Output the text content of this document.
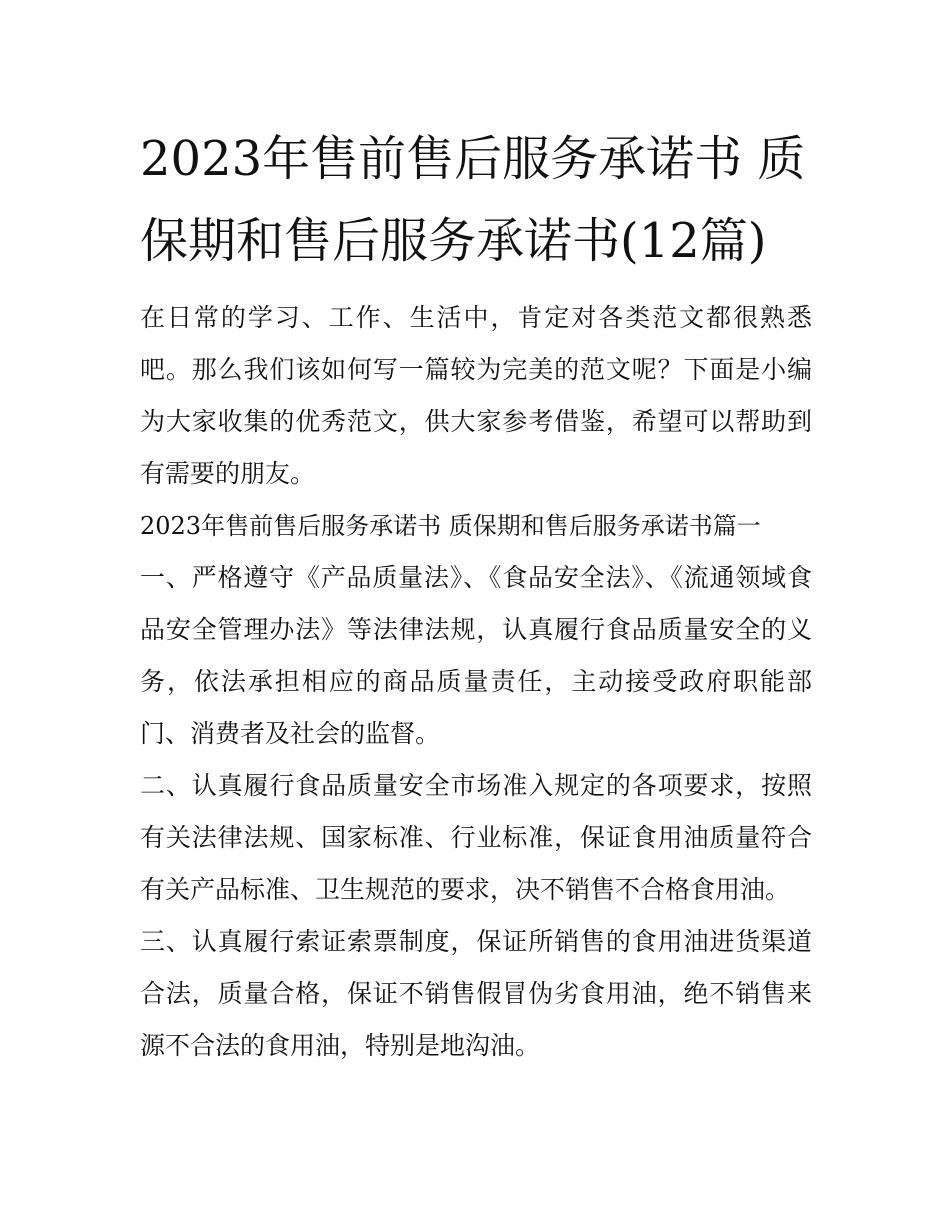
2023年售前售后服务承诺书 质保期和售后服务承诺书(12篇)

在日常的学习、工作、生活中，肯定对各类范文都很熟悉吧。那么我们该如何写一篇较为完美的范文呢？下面是小编为大家收集的优秀范文，供大家参考借鉴，希望可以帮助到有需要的朋友。

2023年售前售后服务承诺书 质保期和售后服务承诺书篇一

一、严格遵守《产品质量法》、《食品安全法》、《流通领域食品安全管理办法》等法律法规，认真履行食品质量安全的义务，依法承担相应的商品质量责任，主动接受政府职能部门、消费者及社会的监督。

二、认真履行食品质量安全市场准入规定的各项要求，按照有关法律法规、国家标准、行业标准，保证食用油质量符合有关产品标准、卫生规范的要求，决不销售不合格食用油。

三、认真履行索证索票制度，保证所销售的食用油进货渠道合法，质量合格，保证不销售假冒伪劣食用油，绝不销售来源不合法的食用油，特别是地沟油。
